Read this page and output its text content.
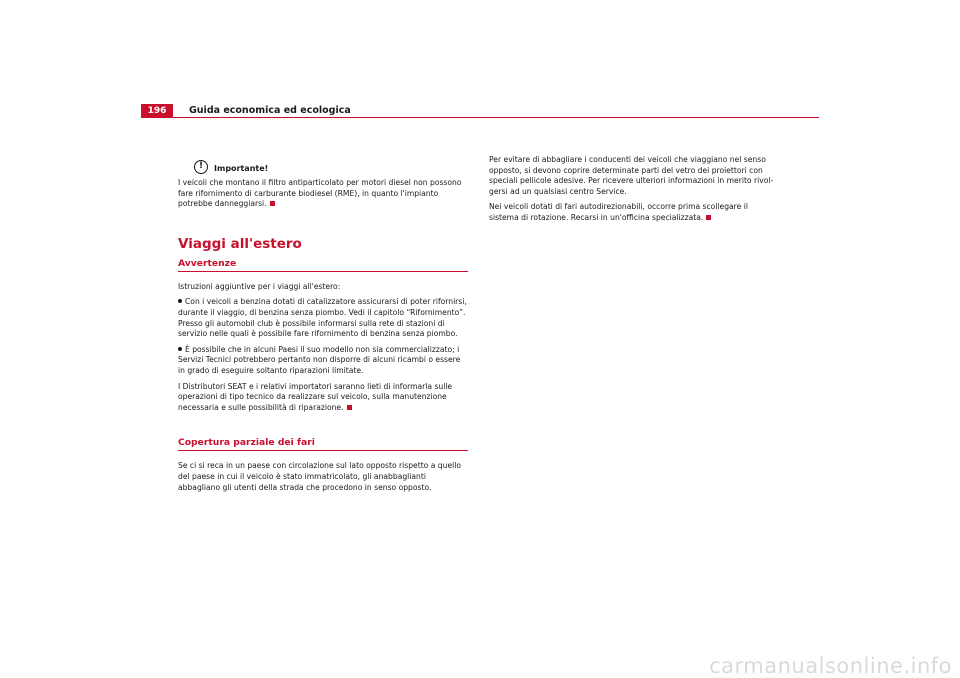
196	Guida economica ed ecologica
!	Importante!

I veicoli che montano il filtro antiparticolato per motori diesel non possono fare rifornimento di carburante biodiesel (RME), in quanto l'impianto potrebbe danneggiarsi.

Viaggi all'estero
Avvertenze

Istruzioni aggiuntive per i viaggi all'estero:

Con i veicoli a benzina dotati di catalizzatore assicurarsi di poter rifornirsi, durante il viaggio, di benzina senza piombo. Vedi il capitolo “Rifornimento”. Presso gli automobil club è possibile informarsi sulla rete di stazioni di servizio nelle quali è possibile fare rifornimento di benzina senza piombo.

È possibile che in alcuni Paesi il suo modello non sia commercializzato; i Servizi Tecnici potrebbero pertanto non disporre di alcuni ricambi o essere in grado di eseguire soltanto riparazioni limitate.

I Distributori SEAT e i relativi importatori saranno lieti di informarla sulle operazioni di tipo tecnico da realizzare sul veicolo, sulla manutenzione necessaria e sulle possibilità di riparazione.

Copertura parziale dei fari

Se ci si reca in un paese con circolazione sul lato opposto rispetto a quello del paese in cui il veicolo è stato immatricolato, gli anabbaglianti abbagliano gli utenti della strada che procedono in senso opposto.

Per evitare di abbagliare i conducenti dei veicoli che viaggiano nel senso opposto, si devono coprire determinate parti del vetro dei proiettori con speciali pellicole adesive. Per ricevere ulteriori informazioni in merito rivol-gersi ad un qualsiasi centro Service.

Nei veicoli dotati di fari autodirezionabili, occorre prima scollegare il sistema di rotazione. Recarsi in un'officina specializzata.

carmanualsonline.info
